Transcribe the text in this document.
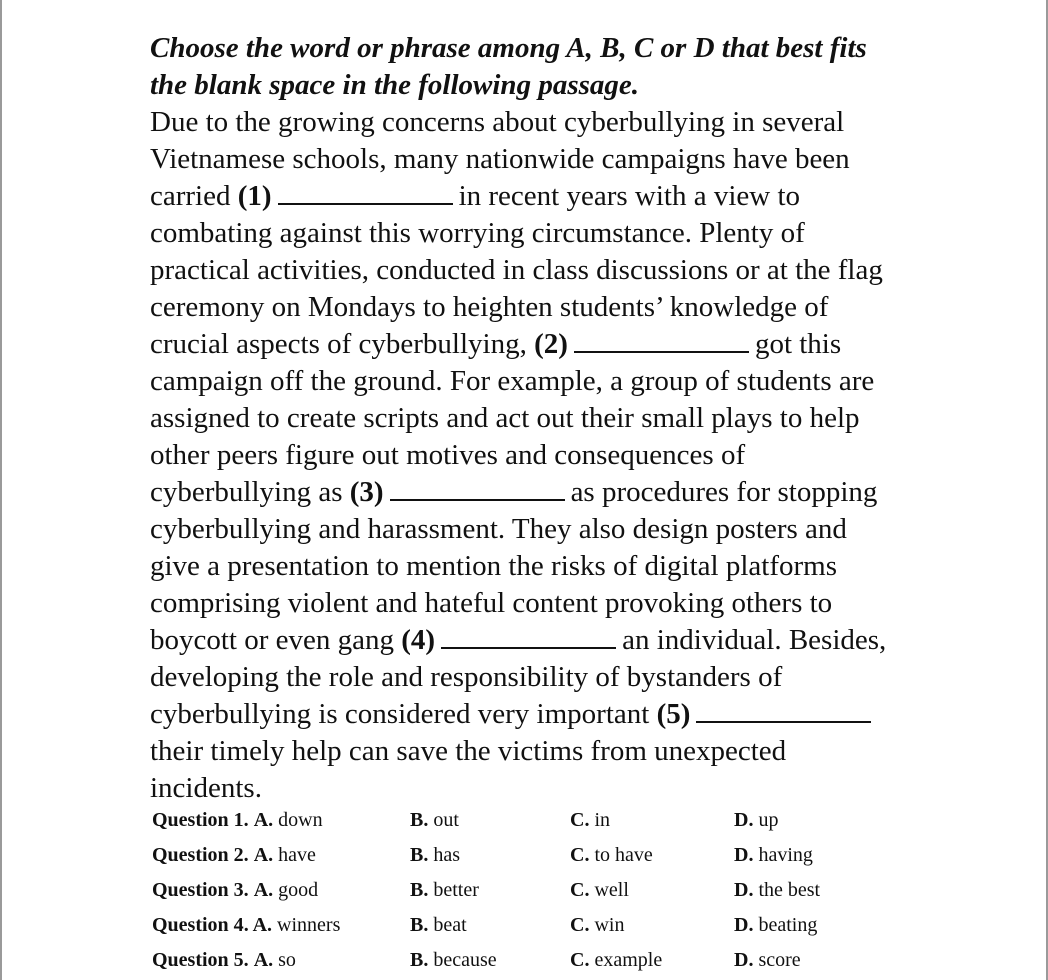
Choose the word or phrase among A, B, C or D that best fits
the blank space in the following passage.

Due to the growing concerns about cyberbullying in several
Vietnamese schools, many nationwide campaigns have been
carried (1)	in recent years with a view to
combating against this worrying circumstance. Plenty of
practical activities, conducted in class discussions or at the flag
ceremony on Mondays to heighten students’ knowledge of
crucial aspects of cyberbullying, (2)	got this
campaign off the ground. For example, a group of students are
assigned to create scripts and act out their small plays to help
other peers figure out motives and consequences of
cyberbullying as (3)	as procedures for stopping
cyberbullying and harassment. They also design posters and
give a presentation to mention the risks of digital platforms
comprising violent and hateful content provoking others to
boycott or even gang (4)	an individual. Besides,
developing the role and responsibility of bystanders of
cyberbullying is considered very important (5)
their timely help can save the victims from unexpected
incidents.

Question 1. A. down	B. out	C. in	D. up
Question 2. A. have	B. has	C. to have	D. having
Question 3. A. good	B. better	C. well	D. the best
Question 4. A. winners	B. beat	C. win	D. beating
Question 5. A. so	B. because	C. example	D. score
